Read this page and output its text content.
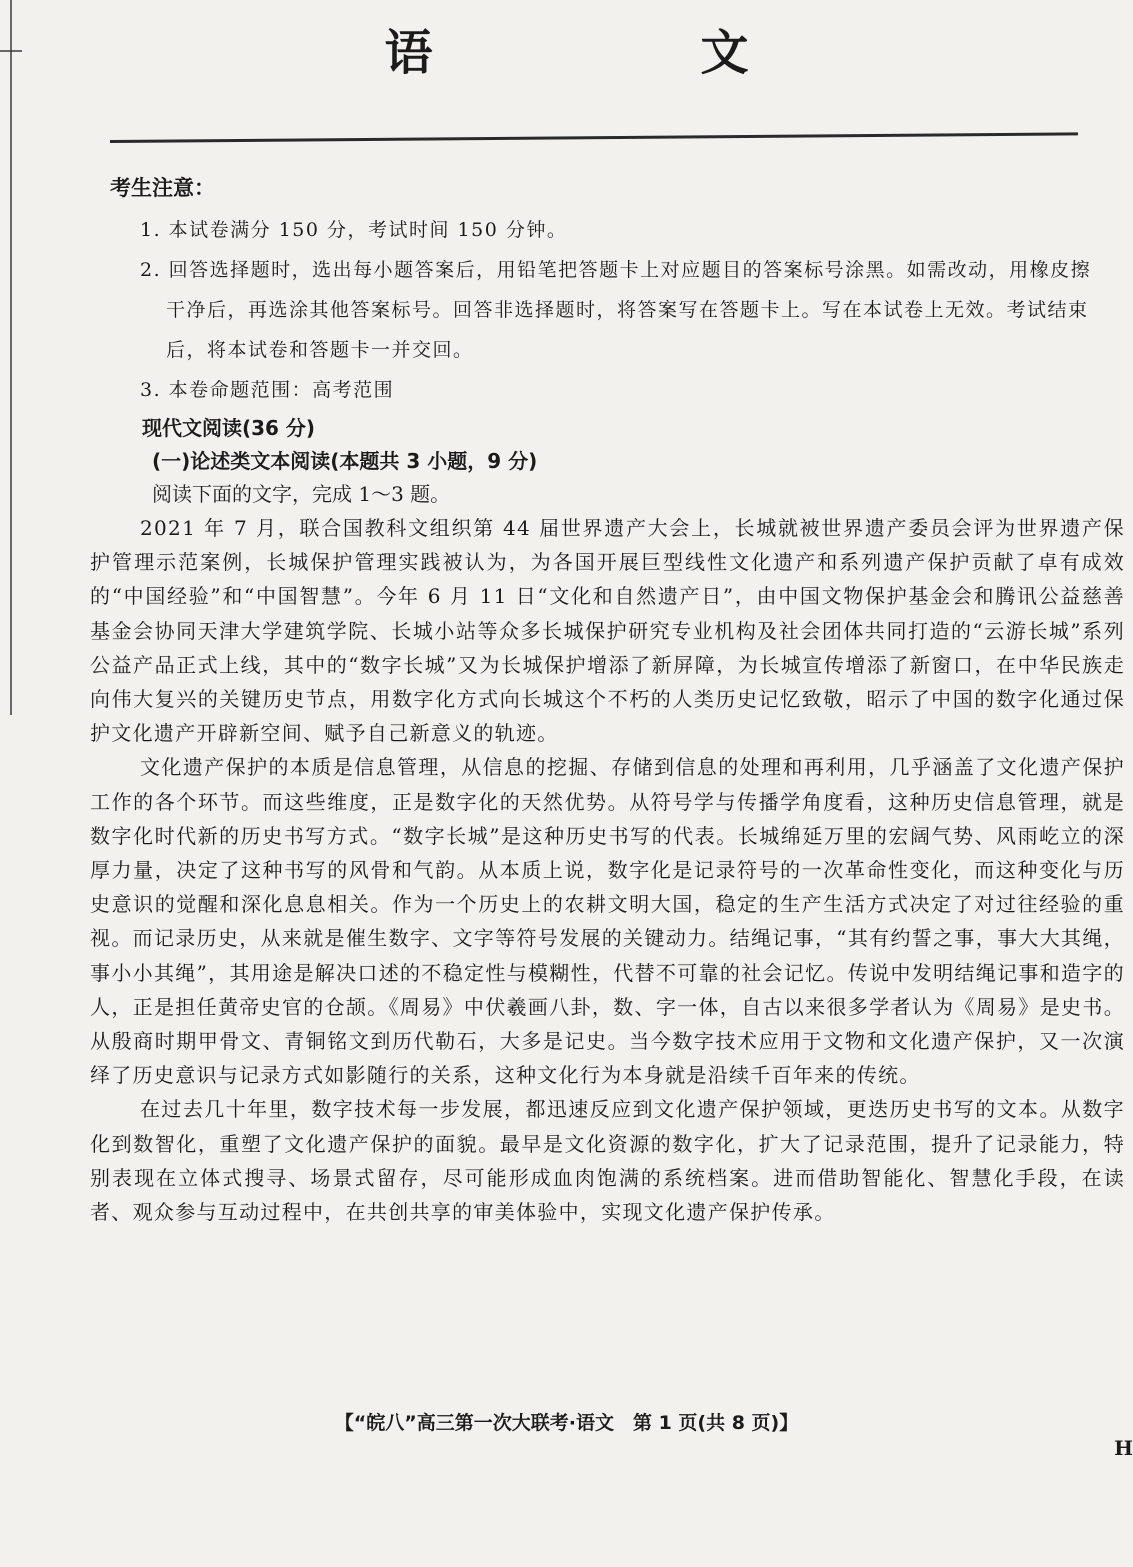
语　文
考生注意：
1. 本试卷满分 150 分，考试时间 150 分钟。
2. 回答选择题时，选出每小题答案后，用铅笔把答题卡上对应题目的答案标号涂黑。如需改动，用橡皮擦干净后，再选涂其他答案标号。回答非选择题时，将答案写在答题卡上。写在本试卷上无效。考试结束后，将本试卷和答题卡一并交回。
3. 本卷命题范围：高考范围
现代文阅读(36 分)
(一)论述类文本阅读(本题共 3 小题，9 分)
阅读下面的文字，完成 1～3 题。

2021 年 7 月，联合国教科文组织第 44 届世界遗产大会上，长城就被世界遗产委员会评为世界遗产保护管理示范案例，长城保护管理实践被认为，为各国开展巨型线性文化遗产和系列遗产保护贡献了卓有成效的“中国经验”和“中国智慧”。今年 6 月 11 日“文化和自然遗产日”，由中国文物保护基金会和腾讯公益慈善基金会协同天津大学建筑学院、长城小站等众多长城保护研究专业机构及社会团体共同打造的“云游长城”系列公益产品正式上线，其中的“数字长城”又为长城保护增添了新屏障，为长城宣传增添了新窗口，在中华民族走向伟大复兴的关键历史节点，用数字化方式向长城这个不朽的人类历史记忆致敬，昭示了中国的数字化通过保护文化遗产开辟新空间、赋予自己新意义的轨迹。

文化遗产保护的本质是信息管理，从信息的挖掘、存储到信息的处理和再利用，几乎涵盖了文化遗产保护工作的各个环节。而这些维度，正是数字化的天然优势。从符号学与传播学角度看，这种历史信息管理，就是数字化时代新的历史书写方式。“数字长城”是这种历史书写的代表。长城绵延万里的宏阔气势、风雨屹立的深厚力量，决定了这种书写的风骨和气韵。从本质上说，数字化是记录符号的一次革命性变化，而这种变化与历史意识的觉醒和深化息息相关。作为一个历史上的农耕文明大国，稳定的生产生活方式决定了对过往经验的重视。而记录历史，从来就是催生数字、文字等符号发展的关键动力。结绳记事，“其有约誓之事，事大大其绳，事小小其绳”，其用途是解决口述的不稳定性与模糊性，代替不可靠的社会记忆。传说中发明结绳记事和造字的人，正是担任黄帝史官的仓颉。《周易》中伏羲画八卦，数、字一体，自古以来很多学者认为《周易》是史书。从殷商时期甲骨文、青铜铭文到历代勒石，大多是记史。当今数字技术应用于文物和文化遗产保护，又一次演绎了历史意识与记录方式如影随行的关系，这种文化行为本身就是沿续千百年来的传统。

在过去几十年里，数字技术每一步发展，都迅速反应到文化遗产保护领域，更迭历史书写的文本。从数字化到数智化，重塑了文化遗产保护的面貌。最早是文化资源的数字化，扩大了记录范围，提升了记录能力，特别表现在立体式搜寻、场景式留存，尽可能形成血肉饱满的系统档案。进而借助智能化、智慧化手段，在读者、观众参与互动过程中，在共创共享的审美体验中，实现文化遗产保护传承。

【“皖八”高三第一次大联考·语文　第 1 页(共 8 页)】
H
